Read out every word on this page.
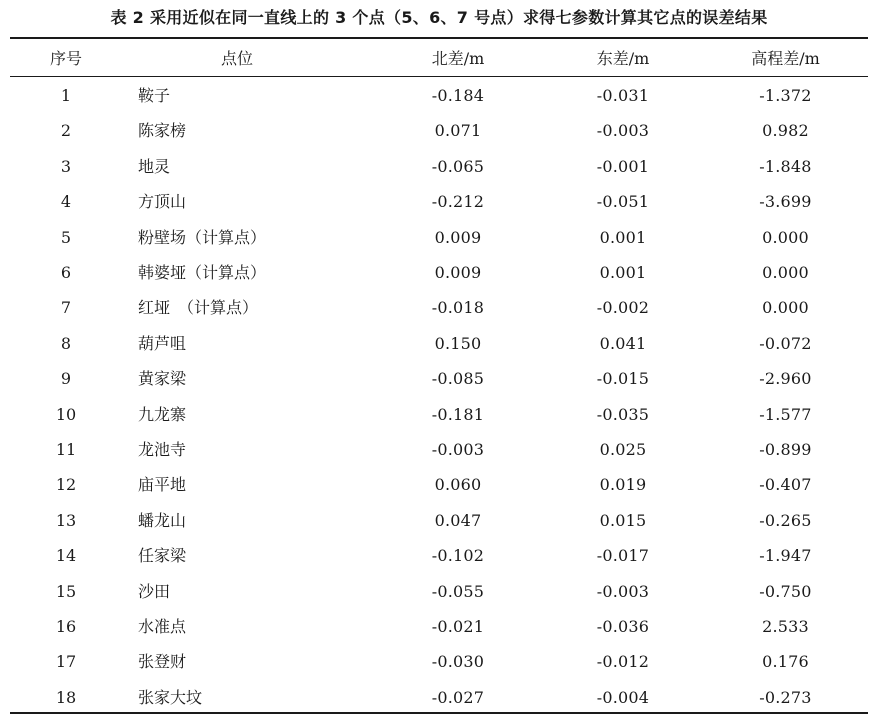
表 2 采用近似在同一直线上的 3 个点（5、6、7 号点）求得七参数计算其它点的误差结果
序号	点位	北差/m	东差/m	高程差/m
1	鞍子	-0.184	-0.031	-1.372
2	陈家榜	0.071	-0.003	0.982
3	地灵	-0.065	-0.001	-1.848
4	方顶山	-0.212	-0.051	-3.699
5	粉壁场（计算点）	0.009	0.001	0.000
6	韩婆垭（计算点）	0.009	0.001	0.000
7	红垭　（计算点）	-0.018	-0.002	0.000
8	葫芦咀	0.150	0.041	-0.072
9	黄家梁	-0.085	-0.015	-2.960
10	九龙寨	-0.181	-0.035	-1.577
11	龙池寺	-0.003	0.025	-0.899
12	庙平地	0.060	0.019	-0.407
13	蟠龙山	0.047	0.015	-0.265
14	任家梁	-0.102	-0.017	-1.947
15	沙田	-0.055	-0.003	-0.750
16	水准点	-0.021	-0.036	2.533
17	张登财	-0.030	-0.012	0.176
18	张家大坟	-0.027	-0.004	-0.273
